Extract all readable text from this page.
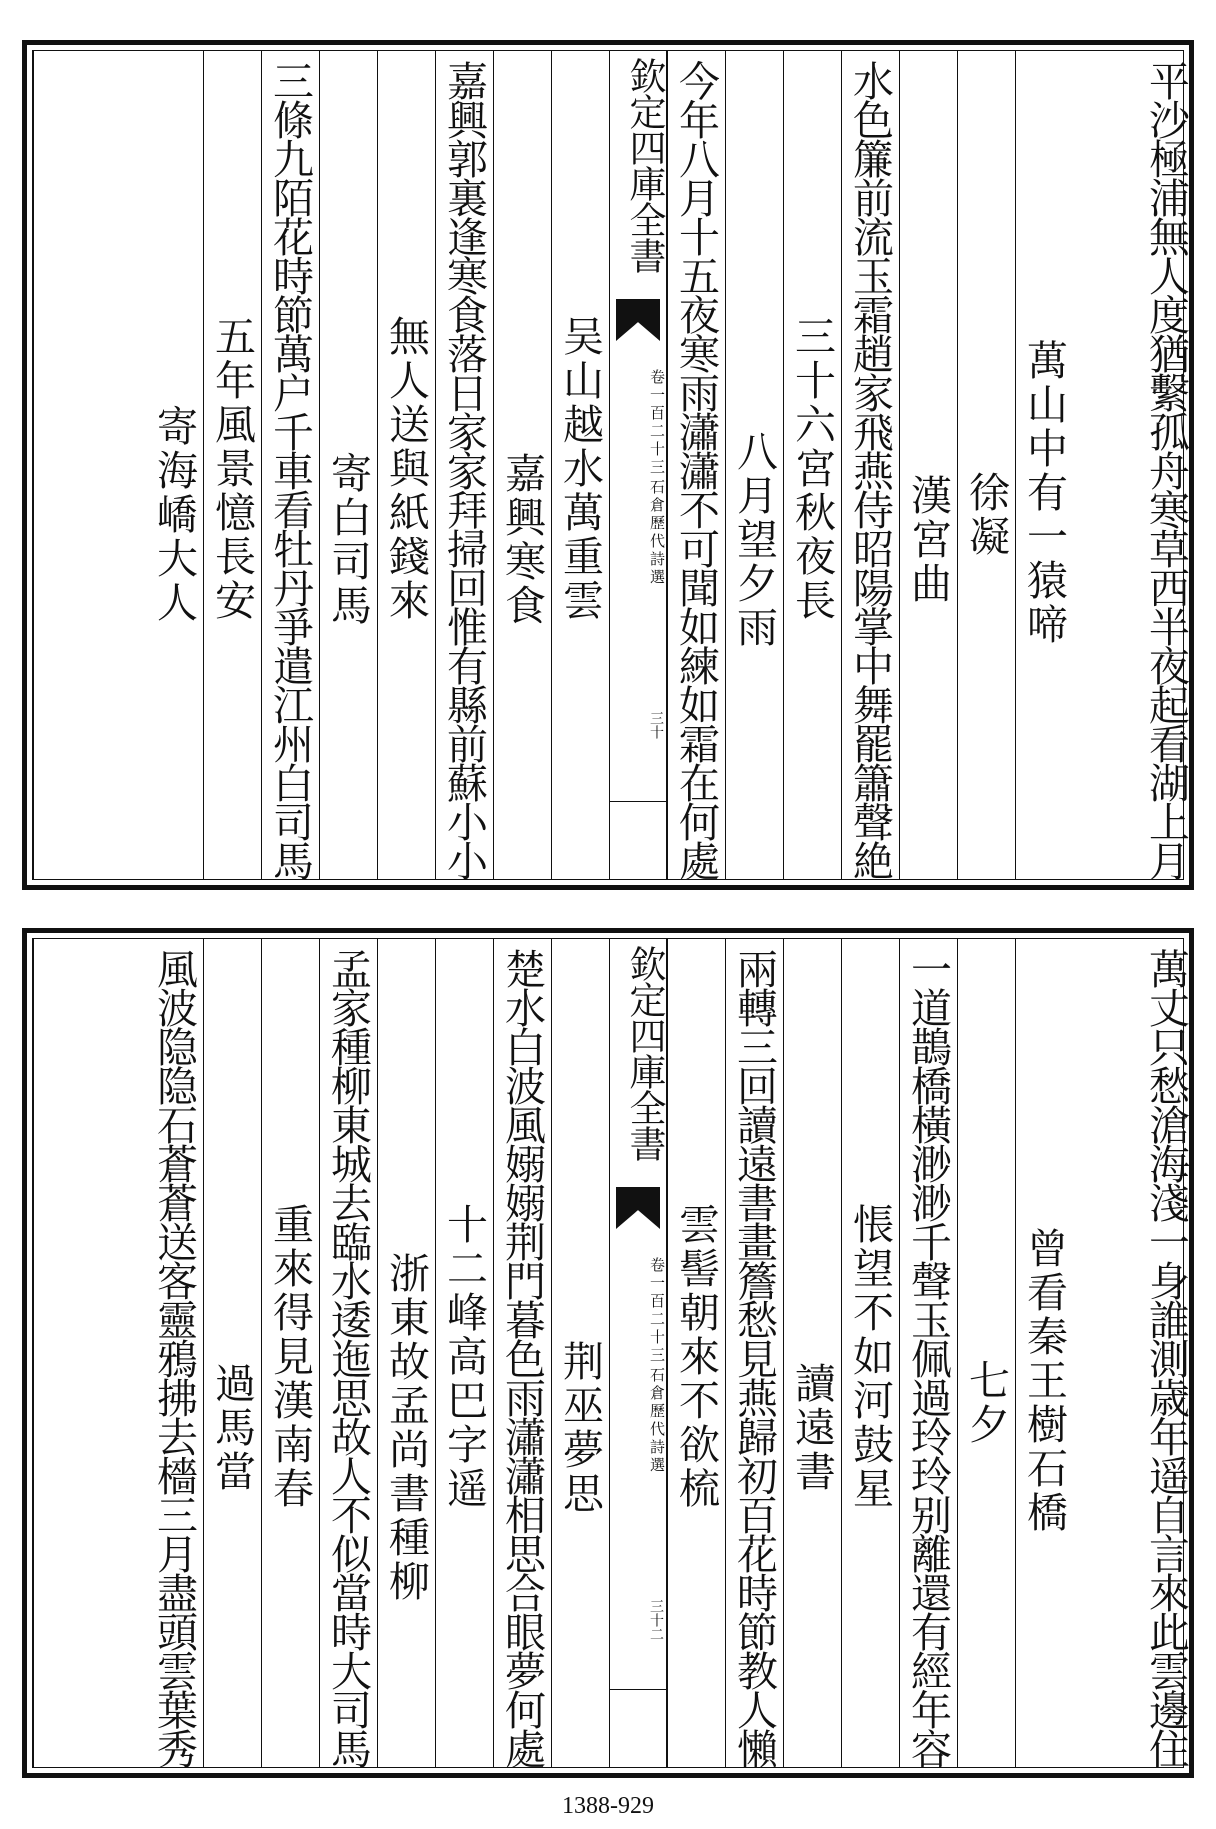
平沙極浦無人度猶繫孤舟寒草西半夜起看湖上月
萬山中有一猿啼
徐凝
漢宮曲
水色簾前流玉霜趙家飛燕侍昭陽掌中舞罷簫聲絶
三十六宮秋夜長
八月望夕雨
今年八月十五夜寒雨瀟瀟不可聞如練如霜在何處
欽定四庫全書
石倉歷代詩選
卷一百二十三
三十
吴山越水萬重雲
嘉興寒食
嘉興郭裏逢寒食落日家家拜掃回惟有縣前蘇小小
無人送與紙錢來
寄白司馬
三條九陌花時節萬户千車看牡丹爭遣江州白司馬
五年風景憶長安
寄海嶠大人
萬丈只愁滄海淺一身誰測歳年遥自言來此雲邊住
曾看秦王樹石橋
七夕
一道鵲橋橫渺渺千聲玉佩過玲玲别離還有經年容
悵望不如河鼓星
讀遠書
兩轉三回讀遠書畫簷愁見燕歸初百花時節教人懶
雲髻朝來不欲梳
欽定四庫全書
石倉歷代詩選
卷一百二十三
三十二
荆巫夢思
楚水白波風嫋嫋荆門暮色雨瀟瀟相思合眼夢何處
十二峰高巴字遥
浙東故孟尚書種柳
孟家種柳東城去臨水逶迤思故人不似當時大司馬
重來得見漢南春
過馬當
風波隐隐石蒼蒼送客靈鴉拂去檣三月盡頭雲葉秀
1388-929
